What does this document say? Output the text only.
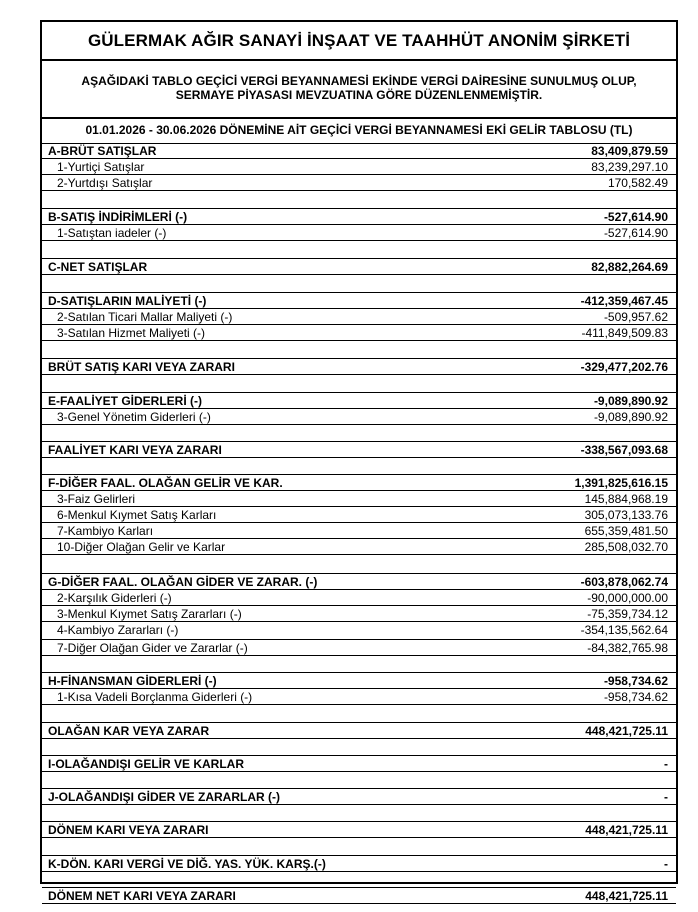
GÜLERMAK AĞIR SANAYİ İNŞAAT VE TAAHHÜT ANONİM ŞİRKETİ
AŞAĞIDAKİ TABLO GEÇİCİ VERGİ BEYANNAMESİ EKİNDE VERGİ DAİRESİNE SUNULMUŞ OLUP,
SERMAYE PİYASASI MEVZUATINA GÖRE DÜZENLENMEMİŞTİR.
01.01.2026 - 30.06.2026 DÖNEMİNE AİT GEÇİCİ VERGİ BEYANNAMESİ EKİ GELİR TABLOSU (TL)
A-BRÜT SATIŞLAR	83,409,879.59
1-Yurtiçi Satışlar	83,239,297.10
2-Yurtdışı Satışlar	170,582.49
B-SATIŞ İNDİRİMLERİ (-)	-527,614.90
1-Satıştan iadeler (-)	-527,614.90
C-NET SATIŞLAR	82,882,264.69
D-SATIŞLARIN MALİYETİ (-)	-412,359,467.45
2-Satılan Ticari Mallar Maliyeti (-)	-509,957.62
3-Satılan Hizmet Maliyeti (-)	-411,849,509.83
BRÜT SATIŞ KARI VEYA ZARARI	-329,477,202.76
E-FAALİYET GİDERLERİ (-)	-9,089,890.92
3-Genel Yönetim Giderleri (-)	-9,089,890.92
FAALİYET KARI VEYA ZARARI	-338,567,093.68
F-DİĞER FAAL. OLAĞAN GELİR VE KAR.	1,391,825,616.15
3-Faiz Gelirleri	145,884,968.19
6-Menkul Kıymet Satış Karları	305,073,133.76
7-Kambiyo Karları	655,359,481.50
10-Diğer Olağan Gelir ve Karlar	285,508,032.70
G-DİĞER FAAL. OLAĞAN GİDER VE ZARAR. (-)	-603,878,062.74
2-Karşılık Giderleri (-)	-90,000,000.00
3-Menkul Kıymet Satış Zararları (-)	-75,359,734.12
4-Kambiyo Zararları (-)	-354,135,562.64
7-Diğer Olağan Gider ve Zararlar (-)	-84,382,765.98
H-FİNANSMAN GİDERLERİ (-)	-958,734.62
1-Kısa Vadeli Borçlanma Giderleri (-)	-958,734.62
OLAĞAN KAR VEYA ZARAR	448,421,725.11
I-OLAĞANDIŞI GELİR VE KARLAR	-
J-OLAĞANDIŞI GİDER VE ZARARLAR (-)	-
DÖNEM KARI VEYA ZARARI	448,421,725.11
K-DÖN. KARI VERGİ VE DİĞ. YAS. YÜK. KARŞ.(-)	-
DÖNEM NET KARI VEYA ZARARI	448,421,725.11
